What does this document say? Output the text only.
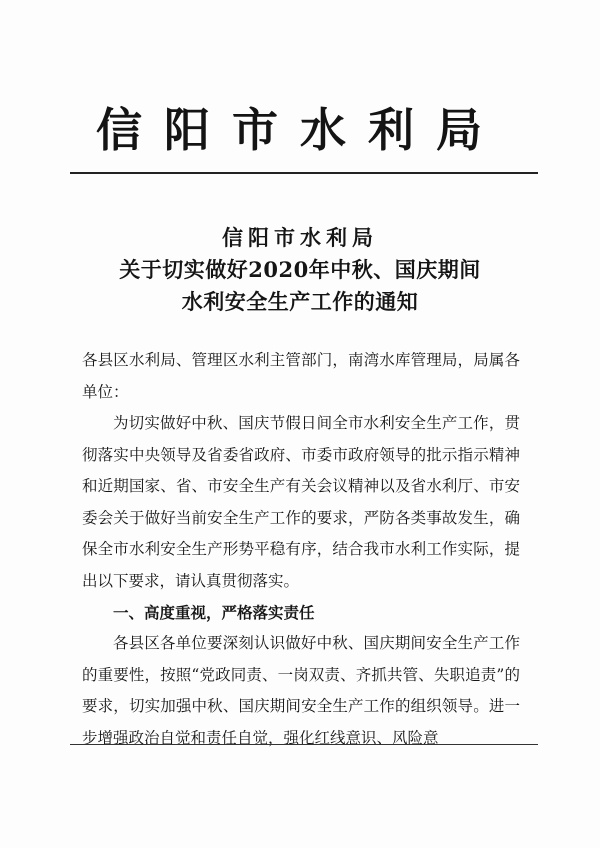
信阳市水利局
信阳市水利局
关于切实做好2020年中秋、国庆期间
水利安全生产工作的通知
各县区水利局、管理区水利主管部门，南湾水库管理局，局属各单位：
为切实做好中秋、国庆节假日间全市水利安全生产工作，贯彻落实中央领导及省委省政府、市委市政府领导的批示指示精神和近期国家、省、市安全生产有关会议精神以及省水利厅、市安委会关于做好当前安全生产工作的要求，严防各类事故发生，确保全市水利安全生产形势平稳有序，结合我市水利工作实际，提出以下要求，请认真贯彻落实。
一、高度重视，严格落实责任
各县区各单位要深刻认识做好中秋、国庆期间安全生产工作的重要性，按照“党政同责、一岗双责、齐抓共管、失职追责”的要求，切实加强中秋、国庆期间安全生产工作的组织领导。进一步增强政治自觉和责任自觉，强化红线意识、风险意
